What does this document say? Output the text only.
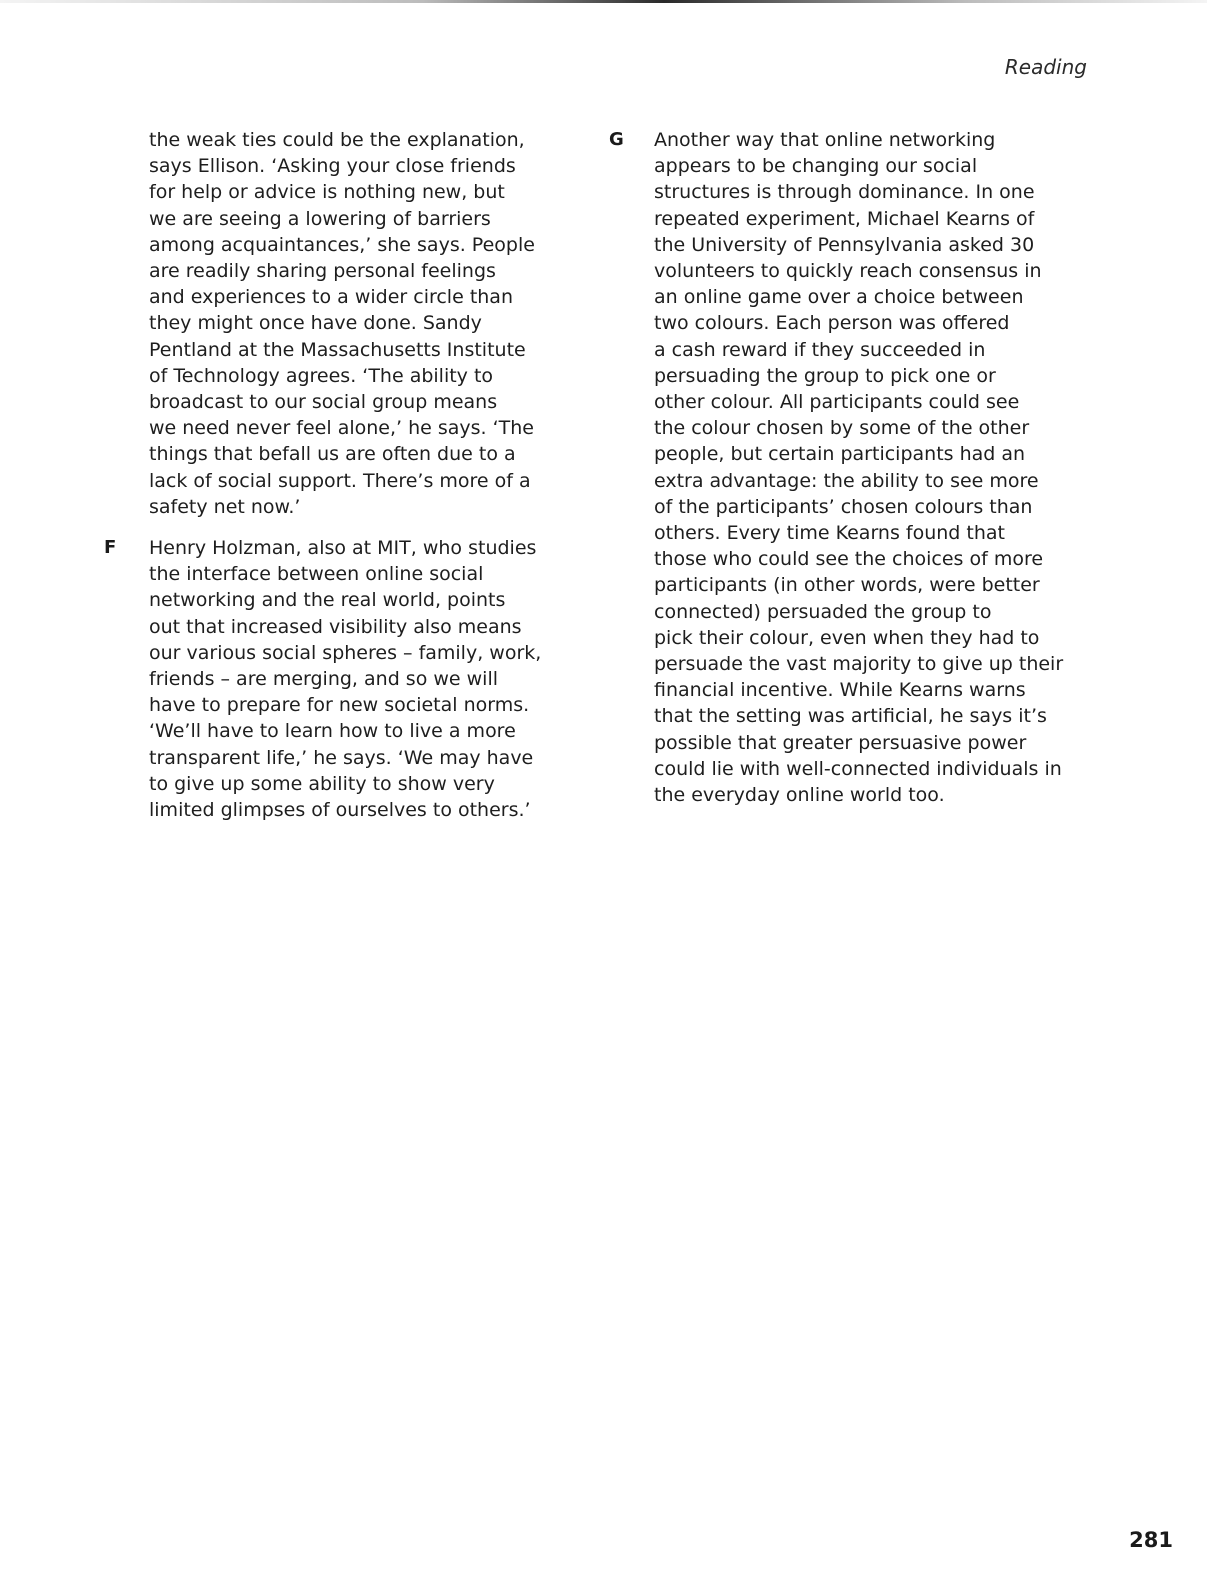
Reading

the weak ties could be the explanation,
says Ellison. ‘Asking your close friends
for help or advice is nothing new, but
we are seeing a lowering of barriers
among acquaintances,’ she says. People
are readily sharing personal feelings
and experiences to a wider circle than
they might once have done. Sandy
Pentland at the Massachusetts Institute
of Technology agrees. ‘The ability to
broadcast to our social group means
we need never feel alone,’ he says. ‘The
things that befall us are often due to a
lack of social support. There’s more of a
safety net now.’
F Henry Holzman, also at MIT, who studies
the interface between online social
networking and the real world, points
out that increased visibility also means
our various social spheres – family, work,
friends – are merging, and so we will
have to prepare for new societal norms.
‘We’ll have to learn how to live a more
transparent life,’ he says. ‘We may have
to give up some ability to show very
limited glimpses of ourselves to others.’
G Another way that online networking
appears to be changing our social
structures is through dominance. In one
repeated experiment, Michael Kearns of
the University of Pennsylvania asked 30
volunteers to quickly reach consensus in
an online game over a choice between
two colours. Each person was offered
a cash reward if they succeeded in
persuading the group to pick one or
other colour. All participants could see
the colour chosen by some of the other
people, but certain participants had an
extra advantage: the ability to see more
of the participants’ chosen colours than
others. Every time Kearns found that
those who could see the choices of more
participants (in other words, were better
connected) persuaded the group to
pick their colour, even when they had to
persuade the vast majority to give up their
financial incentive. While Kearns warns
that the setting was artificial, he says it’s
possible that greater persuasive power
could lie with well-connected individuals in
the everyday online world too.

281
